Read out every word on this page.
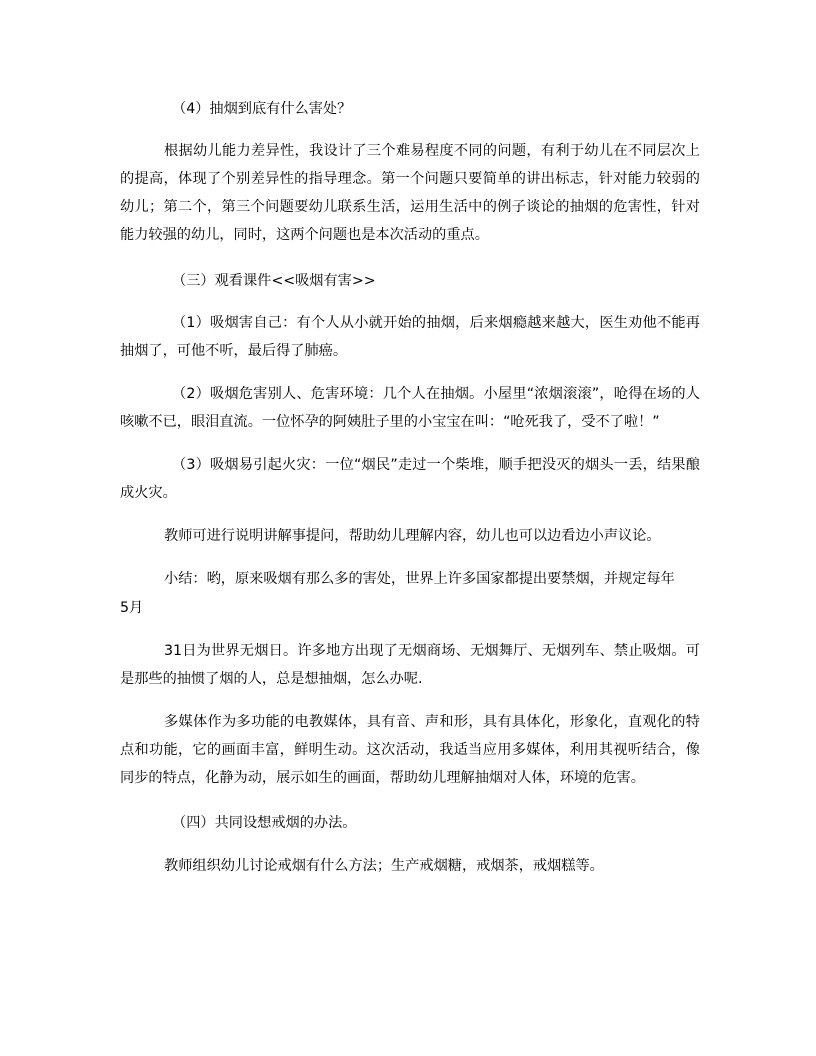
（4）抽烟到底有什么害处？

根据幼儿能力差异性，我设计了三个难易程度不同的问题，有利于幼儿在不同层次上的提高，体现了个别差异性的指导理念。第一个问题只要简单的讲出标志，针对能力较弱的幼儿；第二个，第三个问题要幼儿联系生活，运用生活中的例子谈论的抽烟的危害性，针对能力较强的幼儿，同时，这两个问题也是本次活动的重点。

（三）观看课件<<吸烟有害>>

（1）吸烟害自己：有个人从小就开始的抽烟，后来烟瘾越来越大，医生劝他不能再抽烟了，可他不听，最后得了肺癌。

（2）吸烟危害别人、危害环境：几个人在抽烟。小屋里“浓烟滚滚”，呛得在场的人咳嗽不已，眼泪直流。一位怀孕的阿姨肚子里的小宝宝在叫：“呛死我了，受不了啦！”

（3）吸烟易引起火灾：一位“烟民”走过一个柴堆，顺手把没灭的烟头一丢，结果酿成火灾。

教师可进行说明讲解事提问，帮助幼儿理解内容，幼儿也可以边看边小声议论。

小结：哟，原来吸烟有那么多的害处，世界上许多国家都提出要禁烟，并规定每年

5月

31日为世界无烟日。许多地方出现了无烟商场、无烟舞厅、无烟列车、禁止吸烟。可是那些的抽惯了烟的人，总是想抽烟，怎么办呢.

多媒体作为多功能的电教媒体，具有音、声和形，具有具体化，形象化，直观化的特点和功能，它的画面丰富，鲜明生动。这次活动，我适当应用多媒体，利用其视听结合，像同步的特点，化静为动，展示如生的画面，帮助幼儿理解抽烟对人体，环境的危害。

（四）共同设想戒烟的办法。

教师组织幼儿讨论戒烟有什么方法；生产戒烟糖，戒烟茶，戒烟糕等。
